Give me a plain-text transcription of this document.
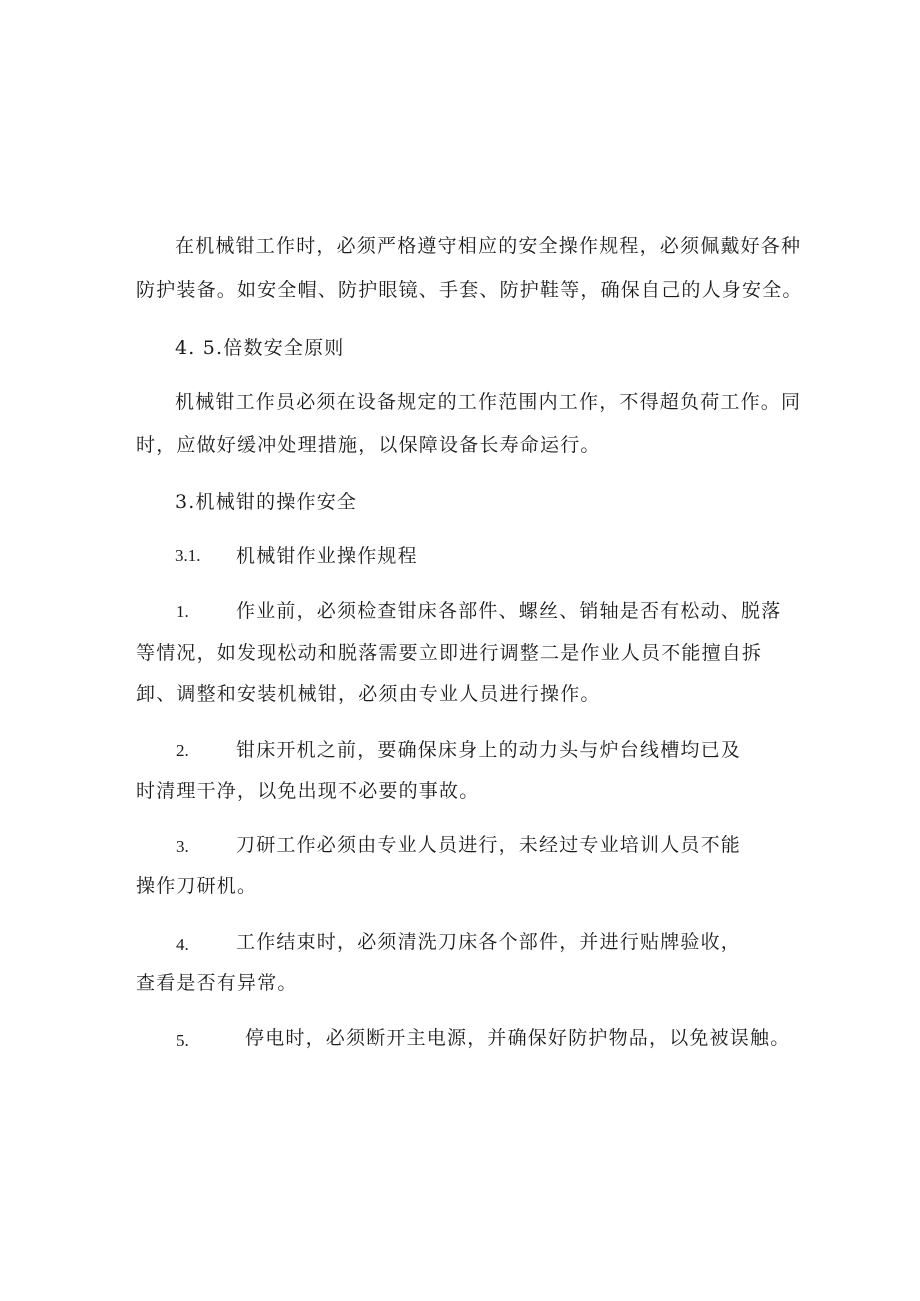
在机械钳工作时，必须严格遵守相应的安全操作规程，必须佩戴好各种
防护装备。如安全帽、防护眼镜、手套、防护鞋等，确保自己的人身安全。
4. 5.倍数安全原则
机械钳工作员必须在设备规定的工作范围内工作，不得超负荷工作。同
时，应做好缓冲处理措施，以保障设备长寿命运行。
3.机械钳的操作安全
3.1. 机械钳作业操作规程
1. 作业前，必须检查钳床各部件、螺丝、销轴是否有松动、脱落
等情况，如发现松动和脱落需要立即进行调整二是作业人员不能擅自拆
卸、调整和安装机械钳，必须由专业人员进行操作。
2. 钳床开机之前，要确保床身上的动力头与炉台线槽均已及
时清理干净，以免出现不必要的事故。
3. 刀研工作必须由专业人员进行，未经过专业培训人员不能
操作刀研机。
4. 工作结束时，必须清洗刀床各个部件，并进行贴牌验收，
查看是否有异常。
5.	停电时，必须断开主电源，并确保好防护物品，以免被误触。
